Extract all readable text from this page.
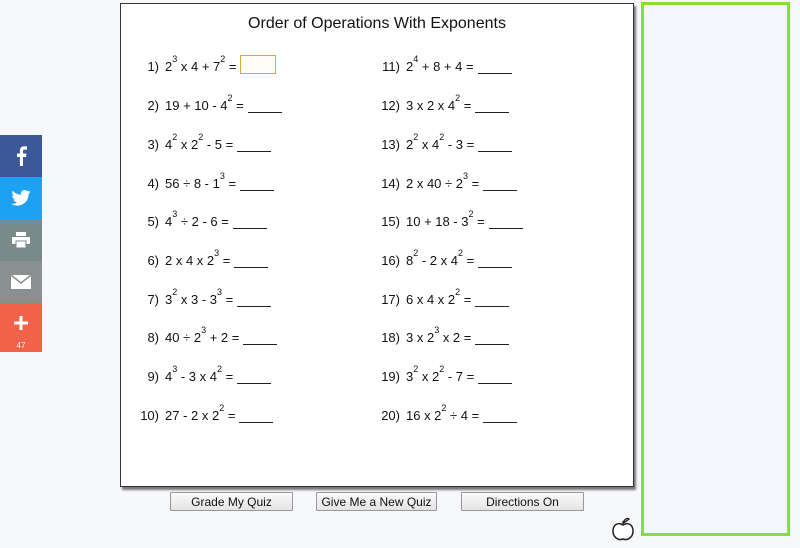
47
Order of Operations With Exponents
1) $2^3$ x $4 + 7^2$ =
2) $19 + 10 - 4^2$ =
3) $4^2$ x $2^2 - 5$ =
4) $56 \div 8 - 1^3$ =
5) $4^3 \div 2 - 6$ =
6) 2 x 4 x $2^3$ =
7) $3^2$ x $3 - 3^3$ =
8) $40 \div 2^3 + 2$ =
9) $4^3 - 3$ x $4^2$ =
10) 27 - 2 x $2^2$ =
11) $2^4 + 8 + 4$ =
12) 3 x 2 x $4^2$ =
13) $2^2$ x $4^2 - 3$ =
14) 2 x $40 \div 2^3$ =
15) $10 + 18 - 3^2$ =
16) $8^2 - 2$ x $4^2$ =
17) 6 x 4 x $2^2$ =
18) 3 x $2^3$ x 2 =
19) $3^2$ x $2^2 - 7$ =
20) 16 x $2^2 \div 4$ =
Grade My Quiz	Give Me a New Quiz	Directions On
